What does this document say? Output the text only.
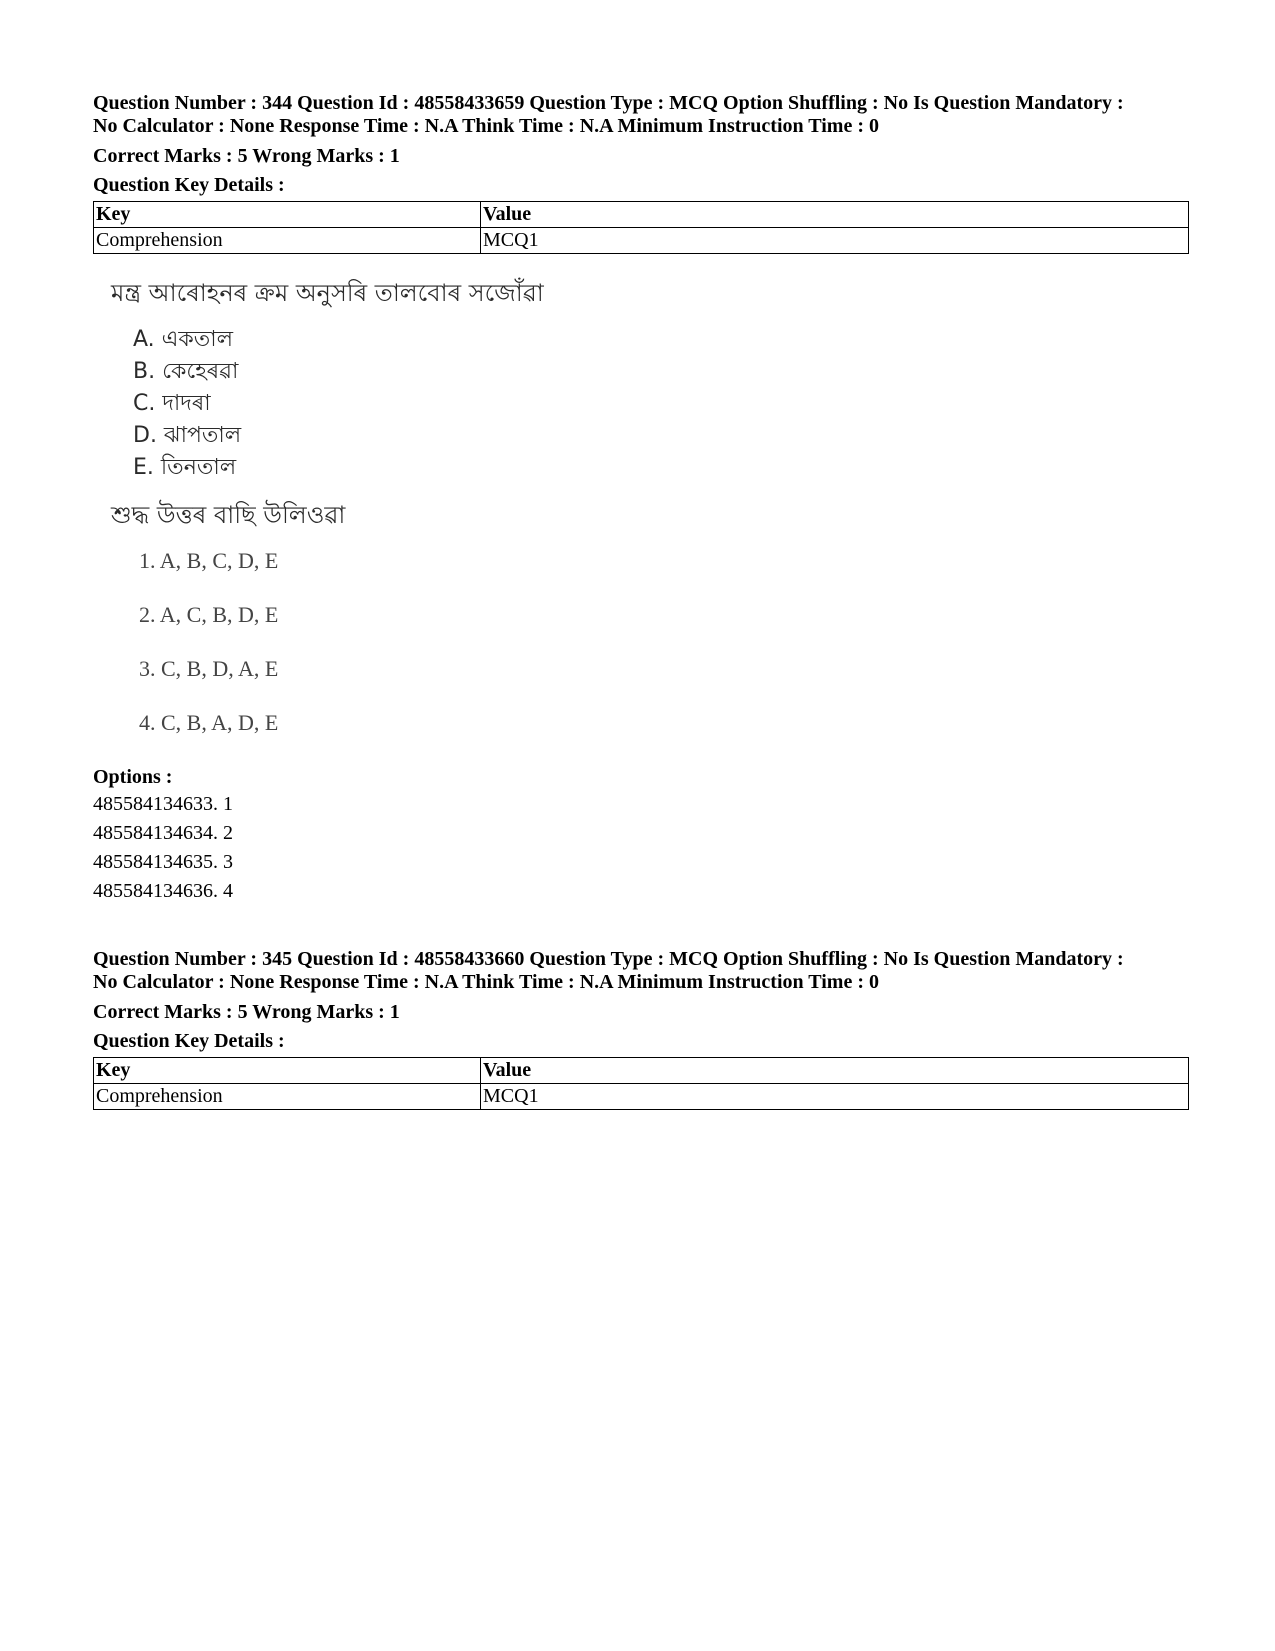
Question Number : 344 Question Id : 48558433659 Question Type : MCQ Option Shuffling : No Is Question Mandatory :
No Calculator : None Response Time : N.A Think Time : N.A Minimum Instruction Time : 0
Correct Marks : 5 Wrong Marks : 1
Question Key Details :
Key	Value
Comprehension	MCQ1
মন্ত্ৰ আৰোহনৰ ক্ৰম অনুসৰি তালবোৰ সজোঁৱা
A. একতাল
B. কেহেৰৱা
C. দাদৰা
D. ঝাপতাল
E. তিনতাল
শুদ্ধ উত্তৰ বাছি উলিওৱা
1. A, B, C, D, E
2. A, C, B, D, E
3. C, B, D, A, E
4. C, B, A, D, E
Options :
485584134633. 1
485584134634. 2
485584134635. 3
485584134636. 4
Question Number : 345 Question Id : 48558433660 Question Type : MCQ Option Shuffling : No Is Question Mandatory :
No Calculator : None Response Time : N.A Think Time : N.A Minimum Instruction Time : 0
Correct Marks : 5 Wrong Marks : 1
Question Key Details :
Key	Value
Comprehension	MCQ1
